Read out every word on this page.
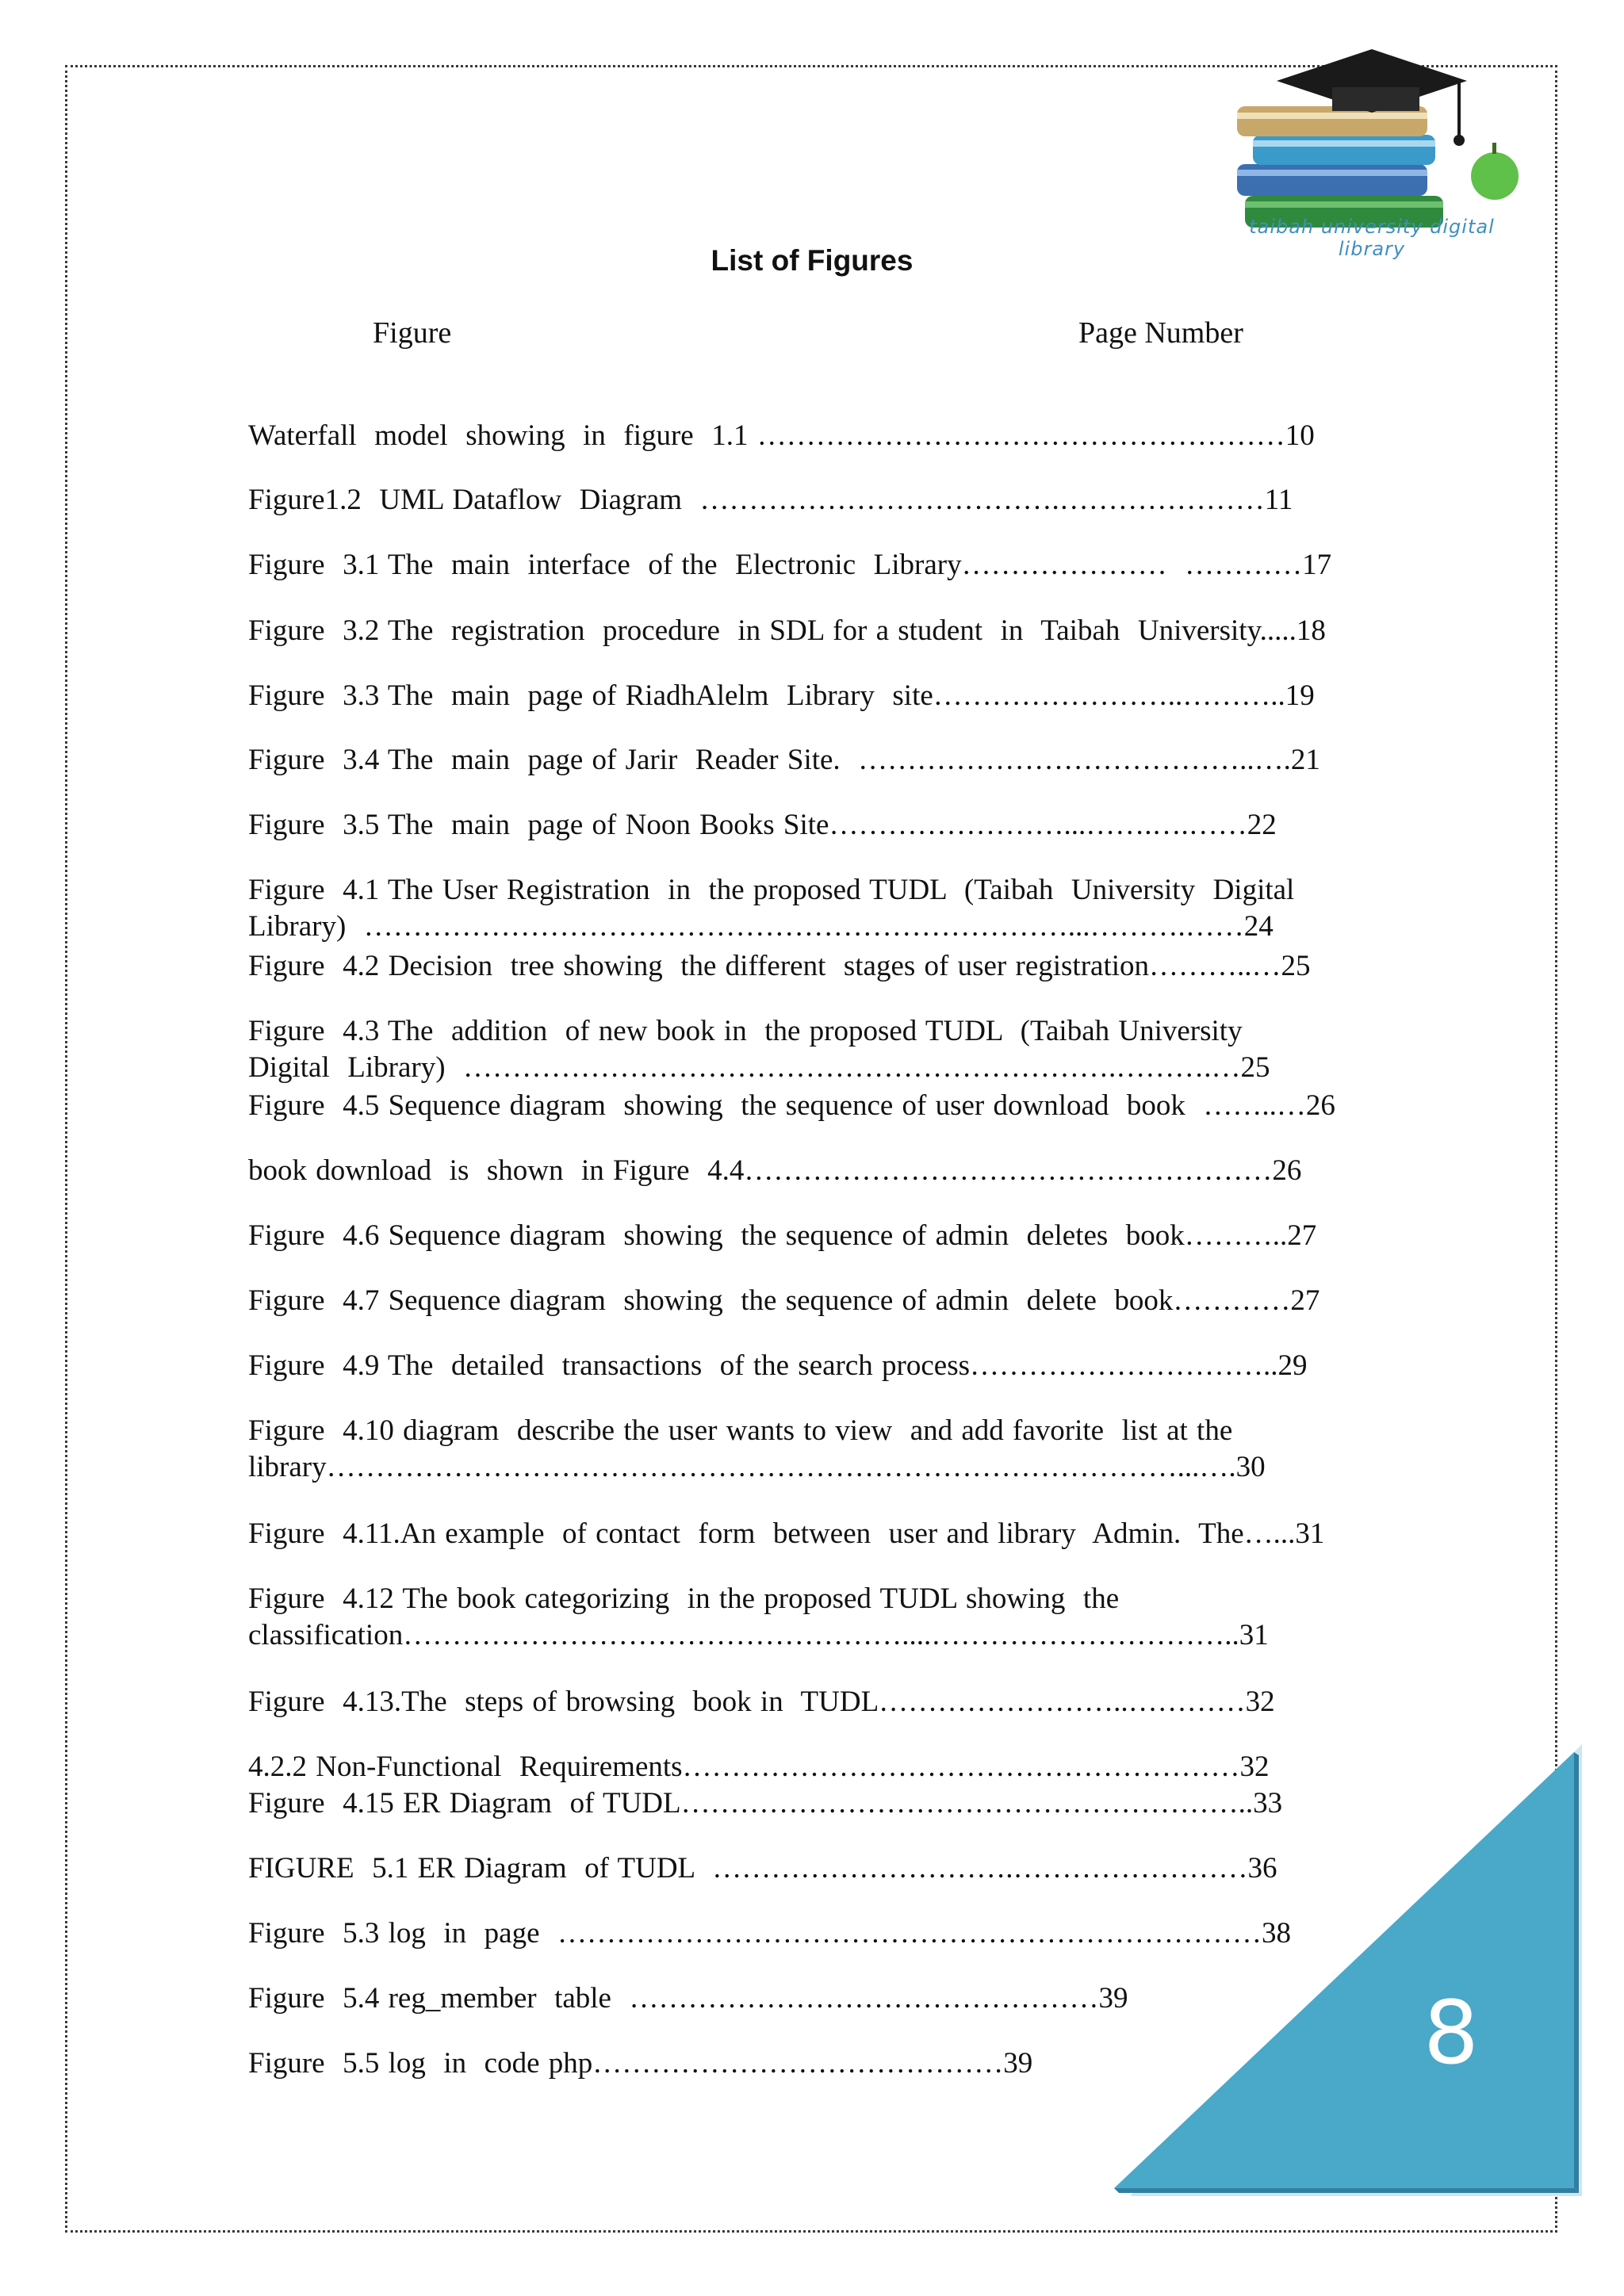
taibah university digital library
List of Figures
Figure	Page Number
Waterfall  model  showing  in  figure  1.1 ………………………………………………10
Figure1.2  UML Dataflow  Diagram  ……………………………….…………………11
Figure  3.1 The  main  interface  of the  Electronic  Library…………………  …………17
Figure  3.2 The  registration  procedure  in SDL for a student  in  Taibah  University.....18
Figure  3.3 The  main  page of RiadhAlelm  Library  site……………………..………..19
Figure  3.4 The  main  page of Jarir  Reader Site.  …………………………………..….21
Figure  3.5 The  main  page of Noon Books Site……………………...…….….……22
Figure  4.1 The User Registration  in  the proposed TUDL  (Taibah  University  Digital
Library)  ………………………………………………………………...……….……24
Figure  4.2 Decision  tree showing  the different  stages of user registration………..…25
Figure  4.3 The  addition  of new book in  the proposed TUDL  (Taibah University
Digital  Library)  ………………………………………………………….……….…25
Figure  4.5 Sequence diagram  showing  the sequence of user download  book  ……..…26
book download  is  shown  in Figure  4.4………………………………………………26
Figure  4.6 Sequence diagram  showing  the sequence of admin  deletes  book………..27
Figure  4.7 Sequence diagram  showing  the sequence of admin  delete  book…………27
Figure  4.9 The  detailed  transactions  of the search process…………………………..29
Figure  4.10 diagram  describe the user wants to view  and add favorite  list at the
library……………………………………………………………………………...….30
Figure  4.11.An example  of contact  form  between  user and library  Admin.  The…...31
Figure  4.12 The book categorizing  in the proposed TUDL showing  the
classification……………………………………………....…………………………..31
Figure  4.13.The  steps of browsing  book in  TUDL……………………..…………32
4.2.2 Non-Functional  Requirements…………………………………………………32
Figure  4.15 ER Diagram  of TUDL…………………………………………………..33
FIGURE  5.1 ER Diagram  of TUDL  ………………………….……………………36
Figure  5.3 log  in  page  ………………………………………………………………38
Figure  5.4 reg_member  table  …………………………………………39
Figure  5.5 log  in  code php……………………………………39	8
